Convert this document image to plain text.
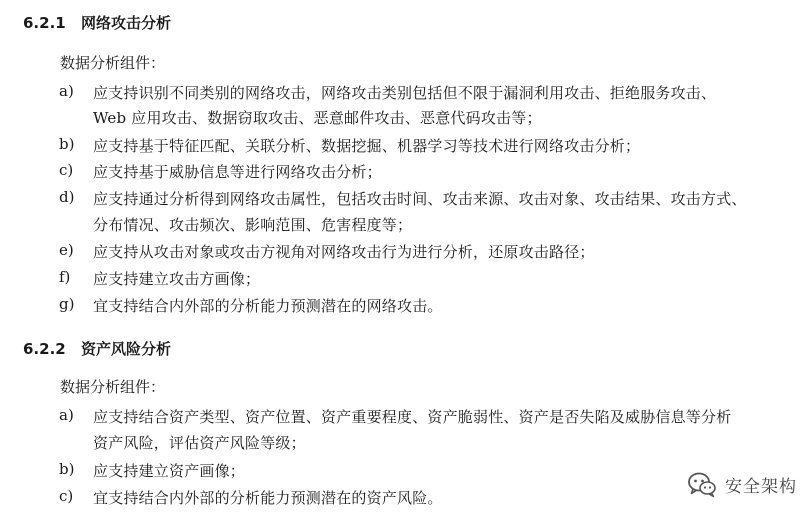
6.2.1 网络攻击分析
数据分析组件：
a) 应支持识别不同类别的网络攻击，网络攻击类别包括但不限于漏洞利用攻击、拒绝服务攻击、
Web 应用攻击、数据窃取攻击、恶意邮件攻击、恶意代码攻击等；
b) 应支持基于特征匹配、关联分析、数据挖掘、机器学习等技术进行网络攻击分析；
c) 应支持基于威胁信息等进行网络攻击分析；
d) 应支持通过分析得到网络攻击属性，包括攻击时间、攻击来源、攻击对象、攻击结果、攻击方式、
分布情况、攻击频次、影响范围、危害程度等；
e) 应支持从攻击对象或攻击方视角对网络攻击行为进行分析，还原攻击路径；
f) 应支持建立攻击方画像；
g) 宜支持结合内外部的分析能力预测潜在的网络攻击。
6.2.2 资产风险分析
数据分析组件：
a) 应支持结合资产类型、资产位置、资产重要程度、资产脆弱性、资产是否失陷及威胁信息等分析
资产风险，评估资产风险等级；
b) 应支持建立资产画像；
c) 宜支持结合内外部的分析能力预测潜在的资产风险。
安全架构
